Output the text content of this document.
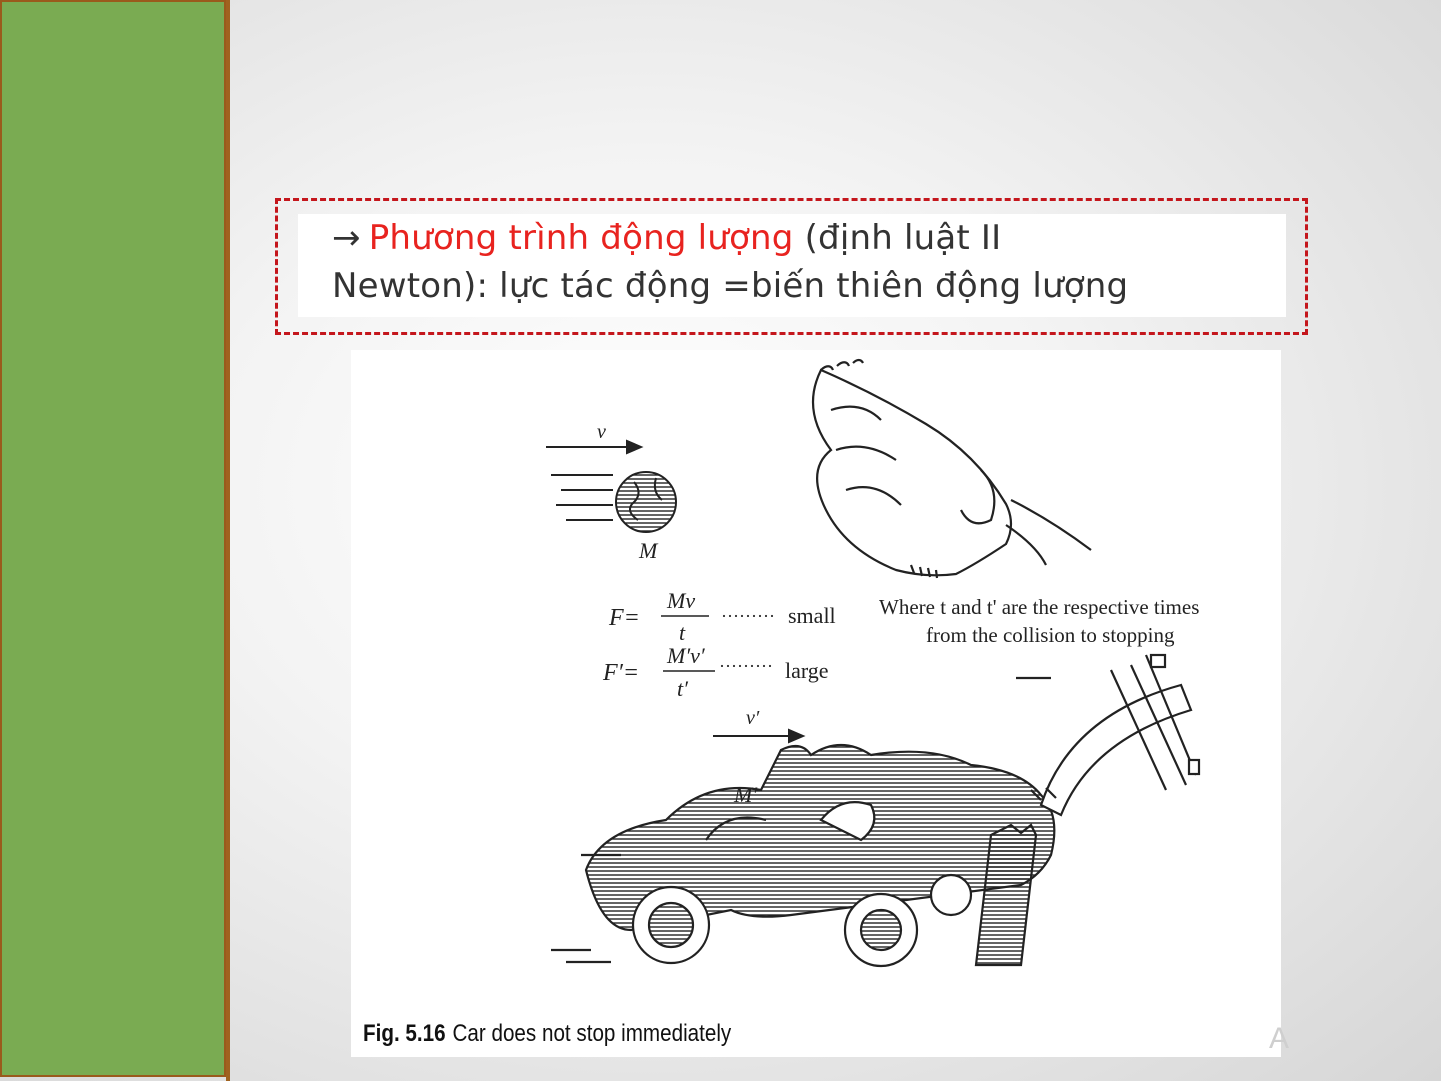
→ Phương trình động lượng (định luật II
Newton): lực tác động =biến thiên động lượng
v
M
F=
Mv
t
········· small
F′=
M′v′
t′
········· large
Where t and t' are the respective times
from the collision to stopping
v′
Fig. 5.16 Car does not stop immediately	A
